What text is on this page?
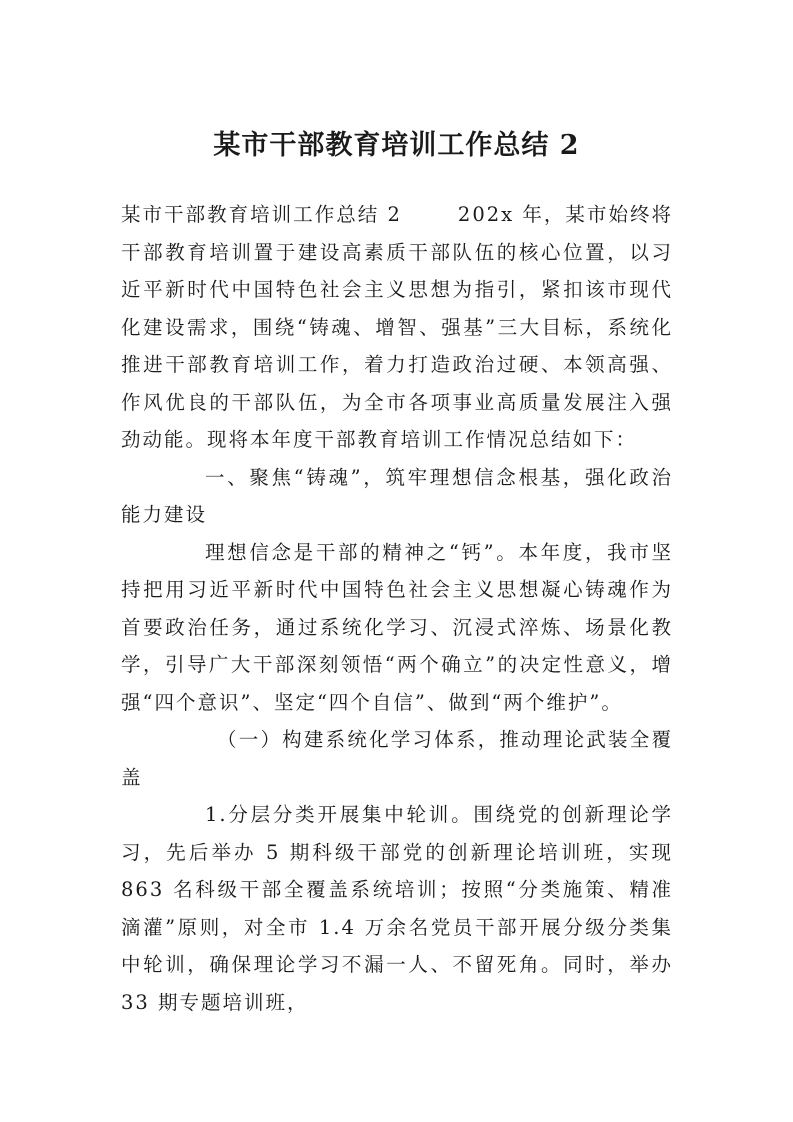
某市干部教育培训工作总结 2

某市干部教育培训工作总结 2	202x 年，某市始终将干部教育培训置于建设高素质干部队伍的核心位置，以习近平新时代中国特色社会主义思想为指引，紧扣该市现代化建设需求，围绕“铸魂、增智、强基”三大目标，系统化推进干部教育培训工作，着力打造政治过硬、本领高强、作风优良的干部队伍，为全市各项事业高质量发展注入强劲动能。现将本年度干部教育培训工作情况总结如下：

一、聚焦“铸魂”，筑牢理想信念根基，强化政治能力建设

理想信念是干部的精神之“钙”。本年度，我市坚持把用习近平新时代中国特色社会主义思想凝心铸魂作为首要政治任务，通过系统化学习、沉浸式淬炼、场景化教学，引导广大干部深刻领悟“两个确立”的决定性意义，增强“四个意识”、坚定“四个自信”、做到“两个维护”。

（一）构建系统化学习体系，推动理论武装全覆盖

1.分层分类开展集中轮训。围绕党的创新理论学习，先后举办 5 期科级干部党的创新理论培训班，实现 863 名科级干部全覆盖系统培训；按照“分类施策、精准滴灌”原则，对全市 1.4 万余名党员干部开展分级分类集中轮训，确保理论学习不漏一人、不留死角。同时，举办 33 期专题培训班，
